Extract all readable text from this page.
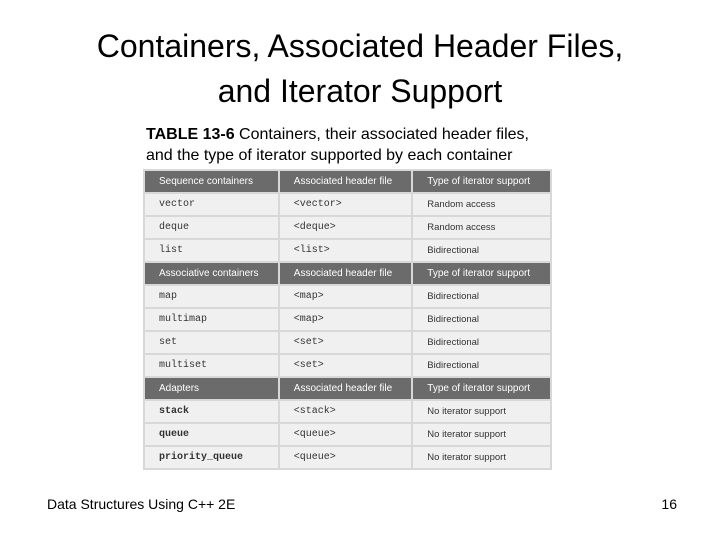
Containers, Associated Header Files,
and Iterator Support
TABLE 13-6 Containers, their associated header files,
and the type of iterator supported by each container
Sequence containers	Associated header file	Type of iterator support
vector	<vector>	Random access
deque	<deque>	Random access
list	<list>	Bidirectional
Associative containers	Associated header file	Type of iterator support
map	<map>	Bidirectional
multimap	<map>	Bidirectional
set	<set>	Bidirectional
multiset	<set>	Bidirectional
Adapters	Associated header file	Type of iterator support
stack	<stack>	No iterator support
queue	<queue>	No iterator support
priority_queue	<queue>	No iterator support
Data Structures Using C++ 2E	16
